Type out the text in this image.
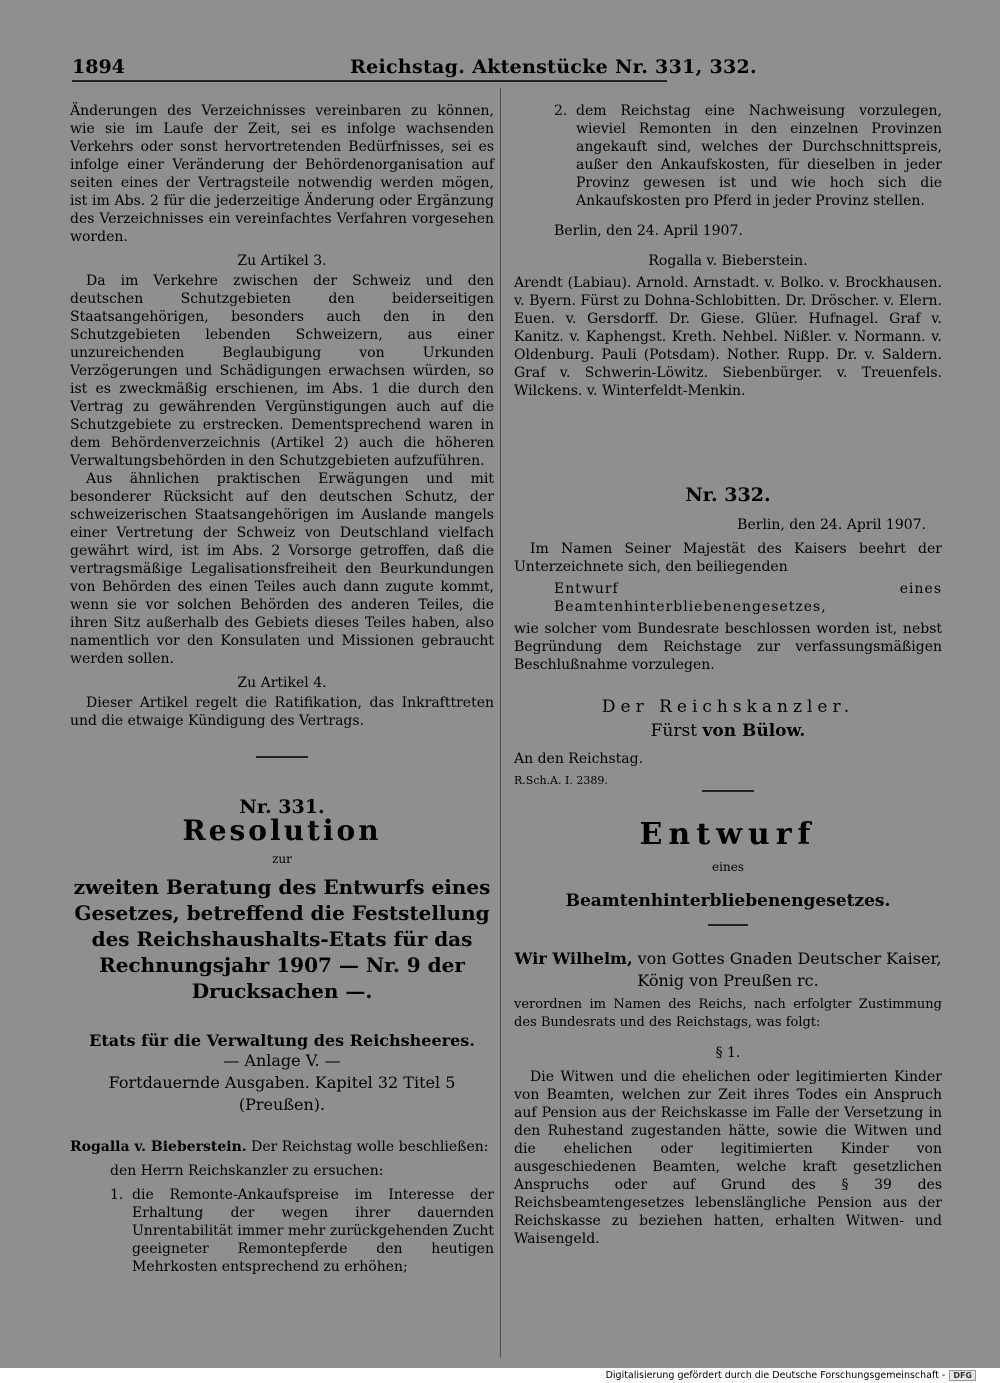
1894	Reichstag. Aktenstücke Nr. 331, 332.

Änderungen des Verzeichnisses vereinbaren zu können, wie sie im Laufe der Zeit, sei es infolge wachsenden Verkehrs oder sonst hervortretenden Bedürfnisses, sei es infolge einer Veränderung der Behördenorganisation auf seiten eines der Vertragsteile notwendig werden mögen, ist im Abs. 2 für die jederzeitige Änderung oder Ergänzung des Verzeichnisses ein vereinfachtes Verfahren vorgesehen worden.

Zu Artikel 3.

Da im Verkehre zwischen der Schweiz und den deutschen Schutzgebieten den beiderseitigen Staatsangehörigen, besonders auch den in den Schutzgebieten lebenden Schweizern, aus einer unzureichenden Beglaubigung von Urkunden Verzögerungen und Schädigungen erwachsen würden, so ist es zweckmäßig erschienen, im Abs. 1 die durch den Vertrag zu gewährenden Vergünstigungen auch auf die Schutzgebiete zu erstrecken. Dementsprechend waren in dem Behördenverzeichnis (Artikel 2) auch die höheren Verwaltungsbehörden in den Schutzgebieten aufzuführen.

Aus ähnlichen praktischen Erwägungen und mit besonderer Rücksicht auf den deutschen Schutz, der schweizerischen Staatsangehörigen im Auslande mangels einer Vertretung der Schweiz von Deutschland vielfach gewährt wird, ist im Abs. 2 Vorsorge getroffen, daß die vertragsmäßige Legalisationsfreiheit den Beurkundungen von Behörden des einen Teiles auch dann zugute kommt, wenn sie vor solchen Behörden des anderen Teiles, die ihren Sitz außerhalb des Gebiets dieses Teiles haben, also namentlich vor den Konsulaten und Missionen gebraucht werden sollen.

Zu Artikel 4.

Dieser Artikel regelt die Ratifikation, das Inkrafttreten und die etwaige Kündigung des Vertrags.

Nr. 331.

Resolution

zur

zweiten Beratung des Entwurfs eines Gesetzes, betreffend die Feststellung des Reichshaushalts-Etats für das Rechnungsjahr 1907 — Nr. 9 der Drucksachen —.

Etats für die Verwaltung des Reichsheeres.

— Anlage V. —

Fortdauernde Ausgaben. Kapitel 32 Titel 5 (Preußen).

Rogalla v. Bieberstein. Der Reichstag wolle beschließen:

den Herrn Reichskanzler zu ersuchen:

1. die Remonte-Ankaufspreise im Interesse der Erhaltung der wegen ihrer dauernden Unrentabilität immer mehr zurückgehenden Zucht geeigneter Remontepferde den heutigen Mehrkosten entsprechend zu erhöhen;
2. dem Reichstag eine Nachweisung vorzulegen, wieviel Remonten in den einzelnen Provinzen angekauft sind, welches der Durchschnittspreis, außer den Ankaufskosten, für dieselben in jeder Provinz gewesen ist und wie hoch sich die Ankaufskosten pro Pferd in jeder Provinz stellen.

Berlin, den 24. April 1907.

Rogalla v. Bieberstein.

Arendt (Labiau). Arnold. Arnstadt. v. Bolko. v. Brockhausen. v. Byern. Fürst zu Dohna-Schlobitten. Dr. Dröscher. v. Elern. Euen. v. Gersdorff. Dr. Giese. Glüer. Hufnagel. Graf v. Kanitz. v. Kaphengst. Kreth. Nehbel. Nißler. v. Normann. v. Oldenburg. Pauli (Potsdam). Nother. Rupp. Dr. v. Saldern. Graf v. Schwerin-Löwitz. Siebenbürger. v. Treuenfels. Wilckens. v. Winterfeldt-Menkin.

Nr. 332.

Berlin, den 24. April 1907.

Im Namen Seiner Majestät des Kaisers beehrt der Unterzeichnete sich, den beiliegenden

Entwurf eines Beamtenhinterbliebenengesetzes,

wie solcher vom Bundesrate beschlossen worden ist, nebst Begründung dem Reichstage zur verfassungsmäßigen Beschlußnahme vorzulegen.

Der Reichskanzler.

Fürst von Bülow.

An den Reichstag.

R.Sch.A. I. 2389.

Entwurf

eines

Beamtenhinterbliebenengesetzes.

Wir Wilhelm, von Gottes Gnaden Deutscher Kaiser, König von Preußen rc.

verordnen im Namen des Reichs, nach erfolgter Zustimmung des Bundesrats und des Reichstags, was folgt:

§ 1.

Die Witwen und die ehelichen oder legitimierten Kinder von Beamten, welchen zur Zeit ihres Todes ein Anspruch auf Pension aus der Reichskasse im Falle der Versetzung in den Ruhestand zugestanden hätte, sowie die Witwen und die ehelichen oder legitimierten Kinder von ausgeschiedenen Beamten, welche kraft gesetzlichen Anspruchs oder auf Grund des § 39 des Reichsbeamtengesetzes lebenslängliche Pension aus der Reichskasse zu beziehen hatten, erhalten Witwen- und Waisengeld.

Digitalisierung gefördert durch die Deutsche Forschungsgemeinschaft -	DFG
